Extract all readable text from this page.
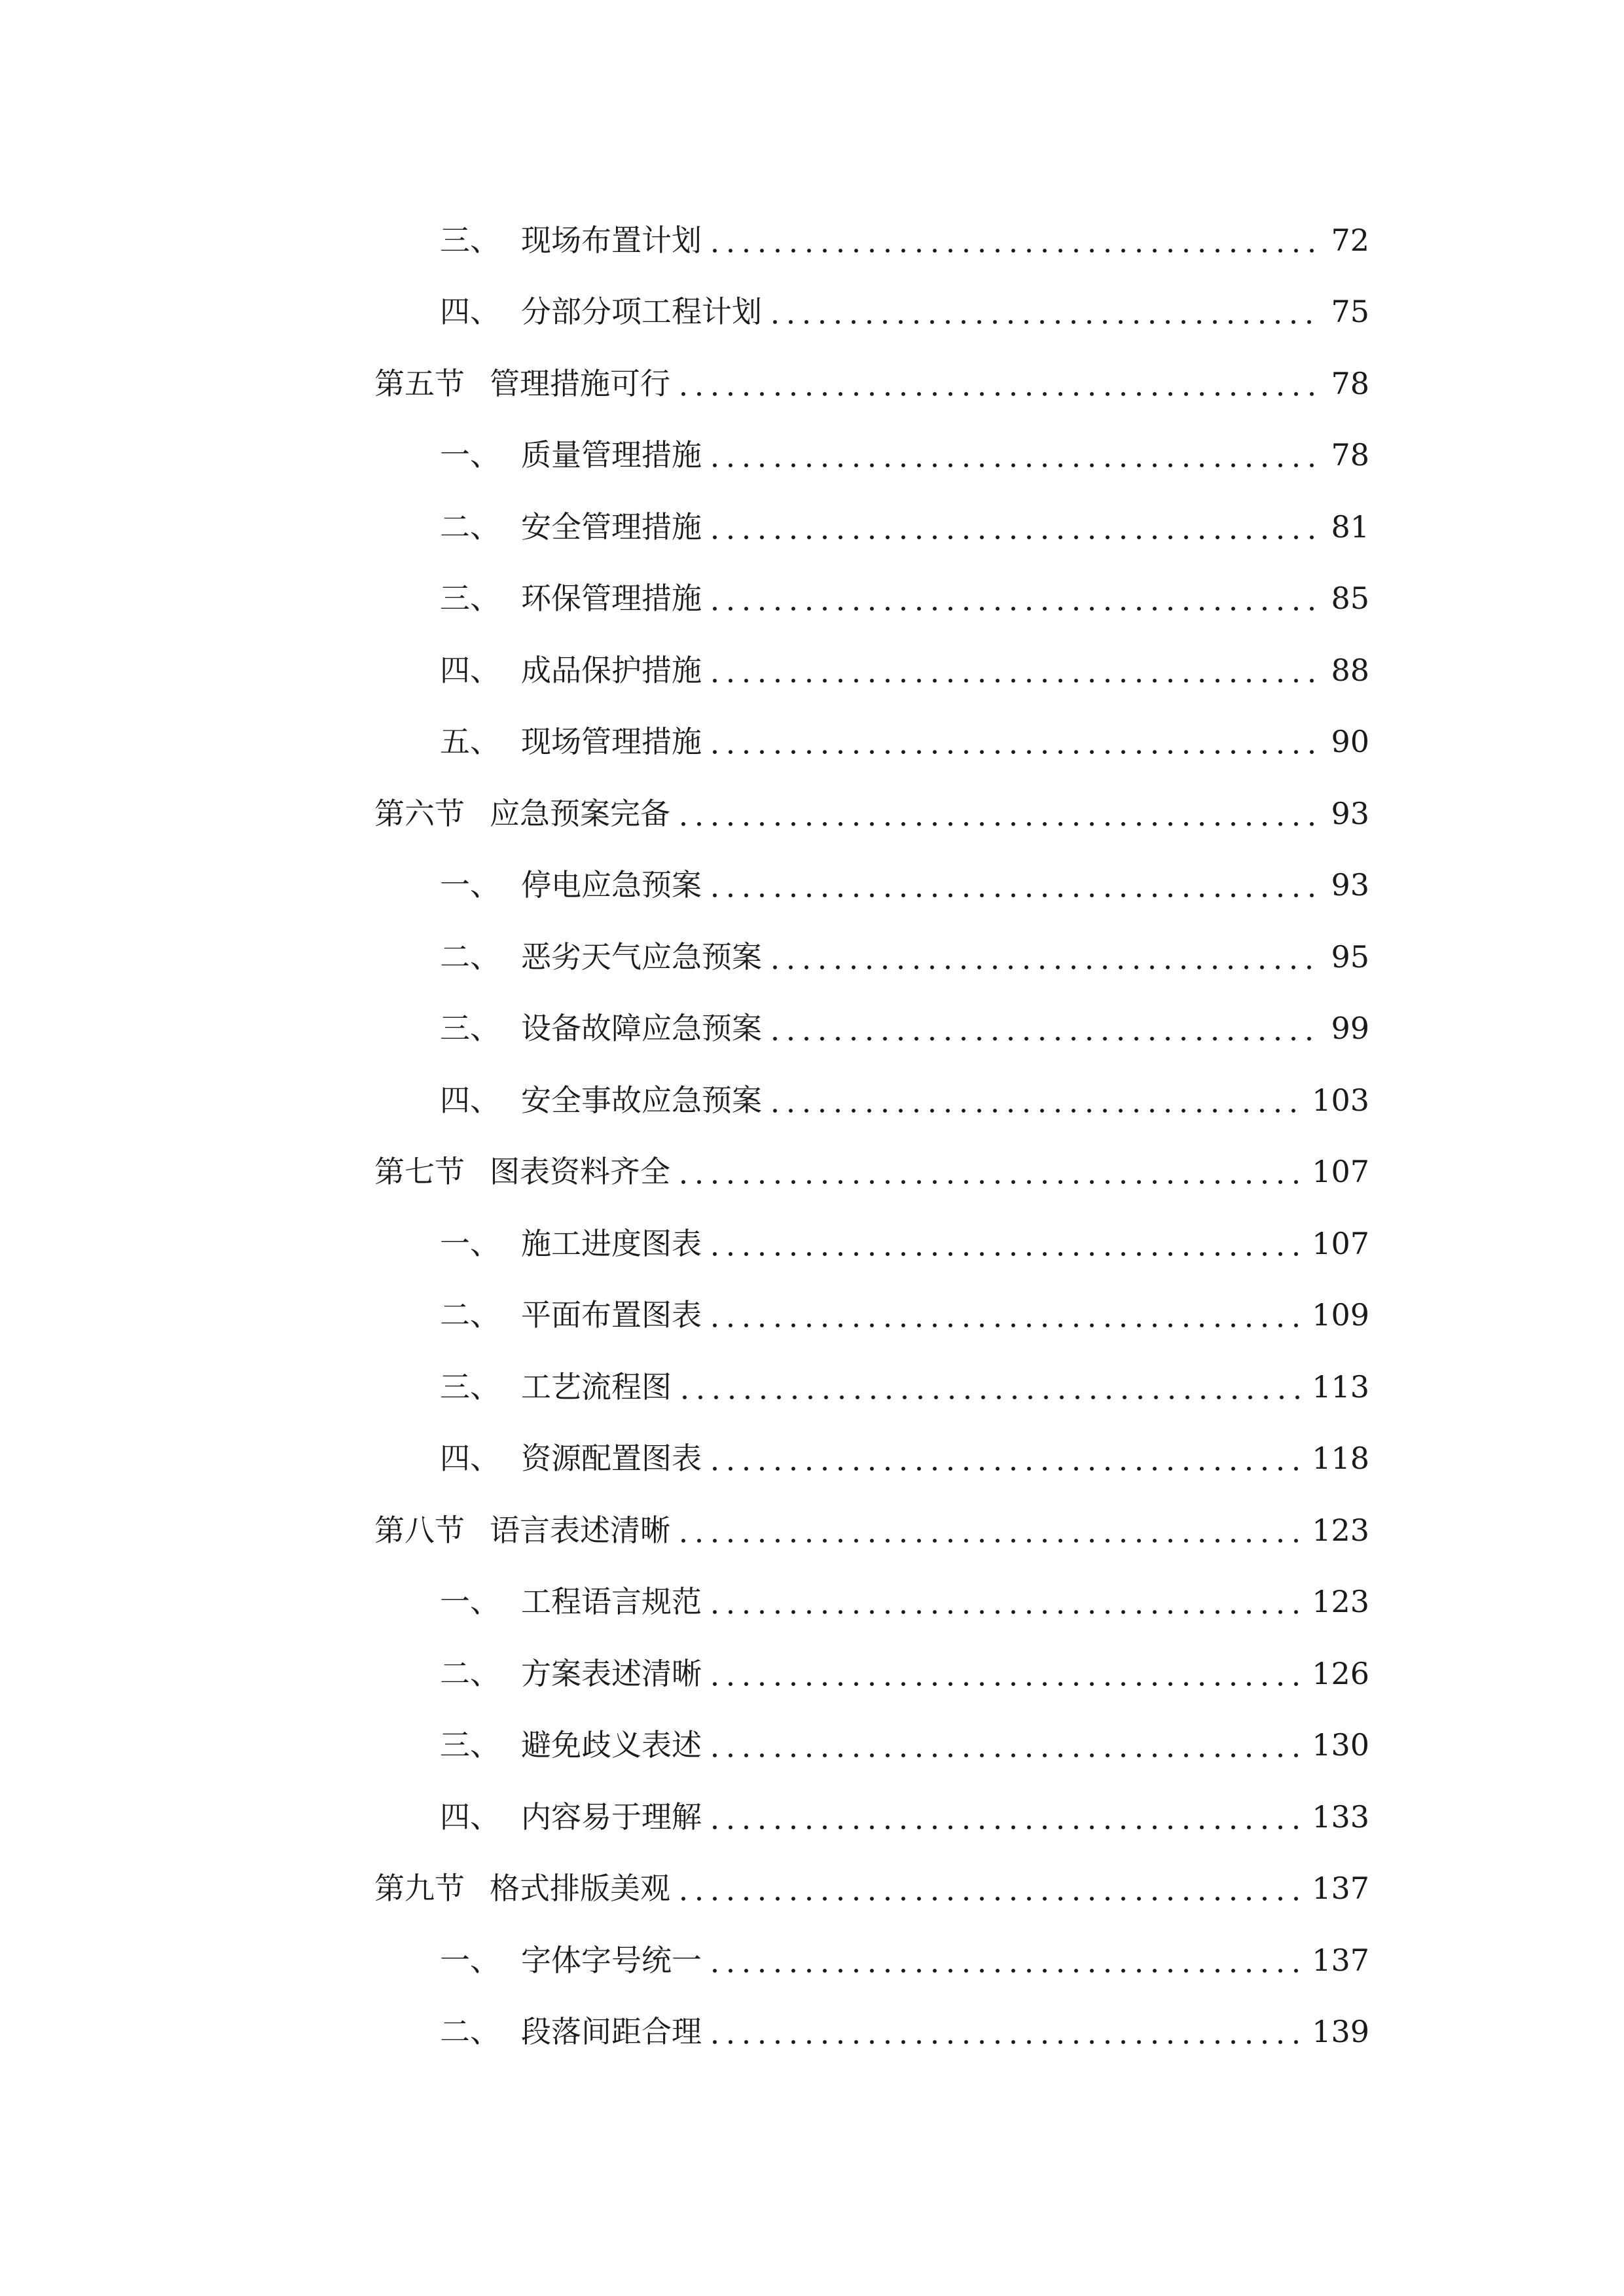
三、 现场布置计划	72
四、 分部分项工程计划	75
第五节 管理措施可行	78
一、 质量管理措施	78
二、 安全管理措施	81
三、 环保管理措施	85
四、 成品保护措施	88
五、 现场管理措施	90
第六节 应急预案完备	93
一、 停电应急预案	93
二、 恶劣天气应急预案	95
三、 设备故障应急预案	99
四、 安全事故应急预案	103
第七节 图表资料齐全	107
一、 施工进度图表	107
二、 平面布置图表	109
三、 工艺流程图	113
四、 资源配置图表	118
第八节 语言表述清晰	123
一、 工程语言规范	123
二、 方案表述清晰	126
三、 避免歧义表述	130
四、 内容易于理解	133
第九节 格式排版美观	137
一、 字体字号统一	137
二、 段落间距合理	139
